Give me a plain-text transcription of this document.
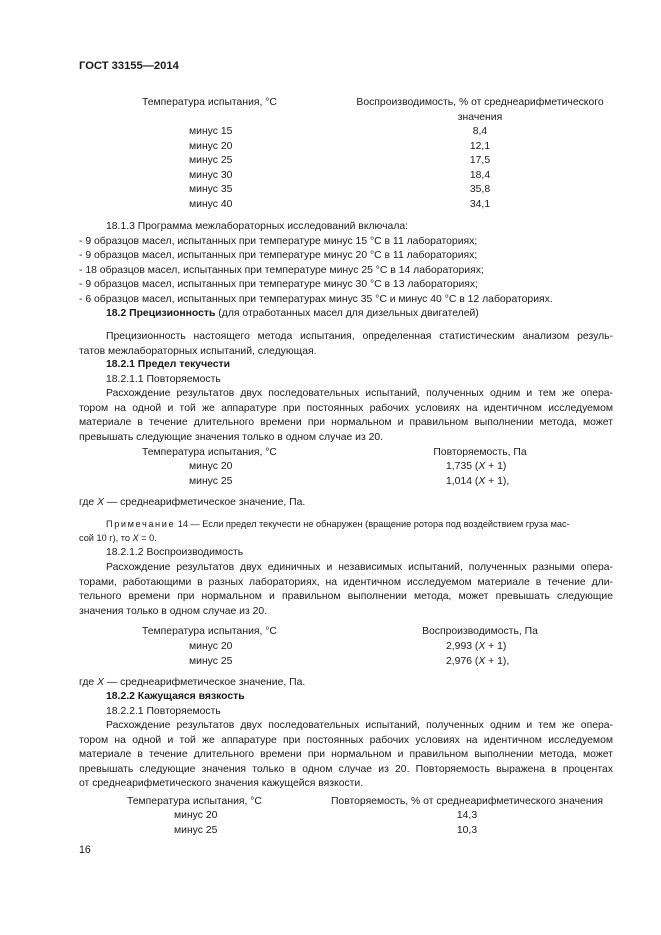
ГОСТ 33155—2014
Температура испытания, °C	Воспроизводимость, % от среднеарифметического
значения
минус 15
минус 20
минус 25
минус 30
минус 35
минус 40
8,4
12,1
17,5
18,4
35,8
34,1
18.1.3 Программа межлабораторных исследований включала:
- 9 образцов масел, испытанных при температуре минус 15 °С в 11 лабораториях;
- 9 образцов масел, испытанных при температуре минус 20 °С в 11 лабораториях;
- 18 образцов масел, испытанных при температуре минус 25 °С в 14 лабораториях;
- 9 образцов масел, испытанных при температуре минус 30 °С в 13 лабораториях;
- 6 образцов масел, испытанных при температурах минус 35 °С и минус 40 °С в 12 лабораториях.
18.2 Прецизионность (для отработанных масел для дизельных двигателей)
Прецизионность настоящего метода испытания, определенная статистическим анализом резуль-
татов межлабораторных испытаний, следующая.
18.2.1 Предел текучести
18.2.1.1 Повторяемость
Расхождение результатов двух последовательных испытаний, полученных одним и тем же опера-
тором на одной и той же аппаратуре при постоянных рабочих условиях на идентичном исследуемом
материале в течение длительного времени при нормальном и правильном выполнении метода, может
превышать следующие значения только в одном случае из 20.
Температура испытания, °C
минус 20
минус 25
Повторяемость, Па
1,735 (X + 1)
1,014 (X + 1),
где X — среднеарифметическое значение, Па.
Примечание 14 — Если предел текучести не обнаружен (вращение ротора под воздействием груза мас-
сой 10 г), то X = 0.
18.2.1.2 Воспроизводимость
Расхождение результатов двух единичных и независимых испытаний, полученных разными опера-
торами, работающими в разных лабораториях, на идентичном исследуемом материале в течение дли-
тельного времени при нормальном и правильном выполнении метода, может превышать следующие
значения только в одном случае из 20.
Температура испытания, °C
минус 20
минус 25
Воспроизводимость, Па
2,993 (X + 1)
2,976 (X + 1),
где X — среднеарифметическое значение, Па.
18.2.2 Кажущаяся вязкость
18.2.2.1 Повторяемость
Расхождение результатов двух последовательных испытаний, полученных одним и тем же опера-
тором на одной и той же аппаратуре при постоянных рабочих условиях на идентичном исследуемом
материале в течение длительного времени при нормальном и правильном выполнении метода, может
превышать следующие значения только в одном случае из 20. Повторяемость выражена в процентах
от среднеарифметического значения кажущейся вязкости.
Температура испытания, °C
минус 20
минус 25
Повторяемость, % от среднеарифметического значения
14,3
10,3
16
